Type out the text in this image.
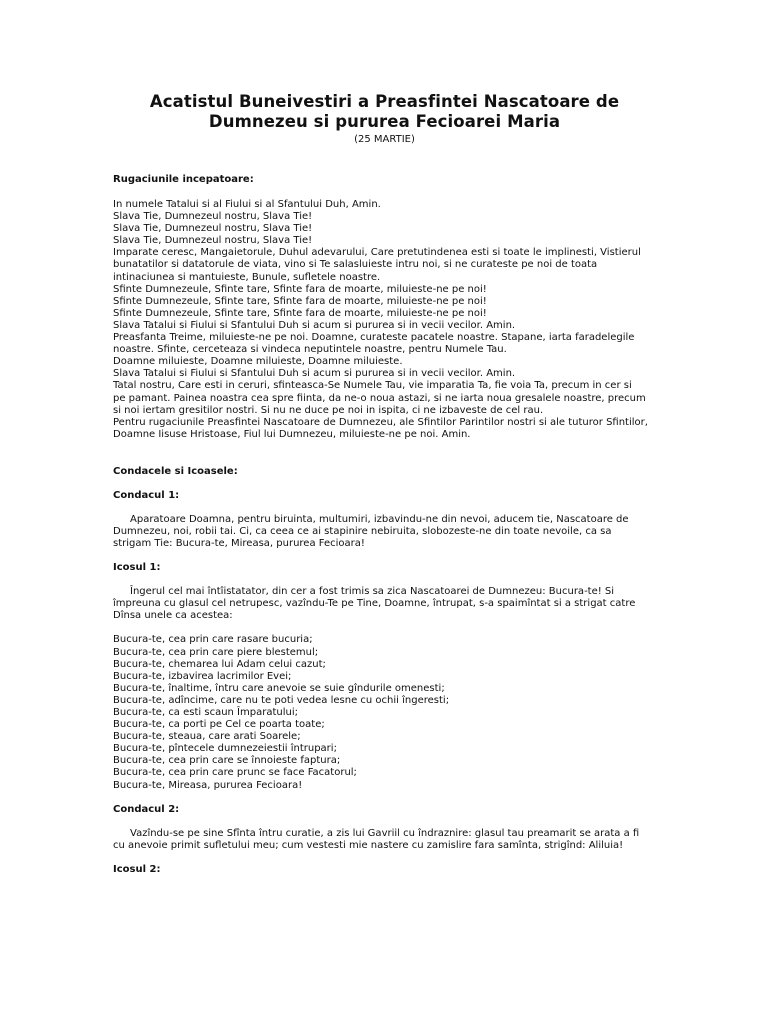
Acatistul Buneivestiri a Preasfintei Nascatoare de
Dumnezeu si pururea Fecioarei Maria
(25 MARTIE)
Rugaciunile incepatoare:
In numele Tatalui si al Fiului si al Sfantului Duh, Amin.
Slava Tie, Dumnezeul nostru, Slava Tie!
Slava Tie, Dumnezeul nostru, Slava Tie!
Slava Tie, Dumnezeul nostru, Slava Tie!
Imparate ceresc, Mangaietorule, Duhul adevarului, Care pretutindenea esti si toate le implinesti, Vistierul
bunatatilor si datatorule de viata, vino si Te salasluieste intru noi, si ne curateste pe noi de toata
intinaciunea si mantuieste, Bunule, sufletele noastre.
Sfinte Dumnezeule, Sfinte tare, Sfinte fara de moarte, miluieste-ne pe noi!
Sfinte Dumnezeule, Sfinte tare, Sfinte fara de moarte, miluieste-ne pe noi!
Sfinte Dumnezeule, Sfinte tare, Sfinte fara de moarte, miluieste-ne pe noi!
Slava Tatalui si Fiului si Sfantului Duh si acum si pururea si in vecii vecilor. Amin.
Preasfanta Treime, miluieste-ne pe noi. Doamne, curateste pacatele noastre. Stapane, iarta faradelegile
noastre. Sfinte, cerceteaza si vindeca neputintele noastre, pentru Numele Tau.
Doamne miluieste, Doamne miluieste, Doamne miluieste.
Slava Tatalui si Fiului si Sfantului Duh si acum si pururea si in vecii vecilor. Amin.
Tatal nostru, Care esti in ceruri, sfinteasca-Se Numele Tau, vie imparatia Ta, fie voia Ta, precum in cer si
pe pamant. Painea noastra cea spre fiinta, da ne-o noua astazi, si ne iarta noua gresalele noastre, precum
si noi iertam gresitilor nostri. Si nu ne duce pe noi in ispita, ci ne izbaveste de cel rau.
Pentru rugaciunile Preasfintei Nascatoare de Dumnezeu, ale Sfintilor Parintilor nostri si ale tuturor Sfintilor,
Doamne Iisuse Hristoase, Fiul lui Dumnezeu, miluieste-ne pe noi. Amin.
Condacele si Icoasele:
Condacul 1:
Aparatoare Doamna, pentru biruinta, multumiri, izbavindu-ne din nevoi, aducem tie, Nascatoare de
Dumnezeu, noi, robii tai. Ci, ca ceea ce ai stapinire nebiruita, slobozeste-ne din toate nevoile, ca sa
strigam Tie: Bucura-te, Mireasa, pururea Fecioara!
Icosul 1:
Îngerul cel mai întîistatator, din cer a fost trimis sa zica Nascatoarei de Dumnezeu: Bucura-te! Si
împreuna cu glasul cel netrupesc, vazîndu-Te pe Tine, Doamne, întrupat, s-a spaimîntat si a strigat catre
Dînsa unele ca acestea:
Bucura-te, cea prin care rasare bucuria;
Bucura-te, cea prin care piere blestemul;
Bucura-te, chemarea lui Adam celui cazut;
Bucura-te, izbavirea lacrimilor Evei;
Bucura-te, înaltime, întru care anevoie se suie gîndurile omenesti;
Bucura-te, adîncime, care nu te poti vedea lesne cu ochii îngeresti;
Bucura-te, ca esti scaun Împaratului;
Bucura-te, ca porti pe Cel ce poarta toate;
Bucura-te, steaua, care arati Soarele;
Bucura-te, pîntecele dumnezeiestii întrupari;
Bucura-te, cea prin care se înnoieste faptura;
Bucura-te, cea prin care prunc se face Facatorul;
Bucura-te, Mireasa, pururea Fecioara!
Condacul 2:
Vazîndu-se pe sine Sfînta întru curatie, a zis lui Gavriil cu îndraznire: glasul tau preamarit se arata a fi
cu anevoie primit sufletului meu; cum vestesti mie nastere cu zamislire fara samînta, strigînd: Aliluia!
Icosul 2:
